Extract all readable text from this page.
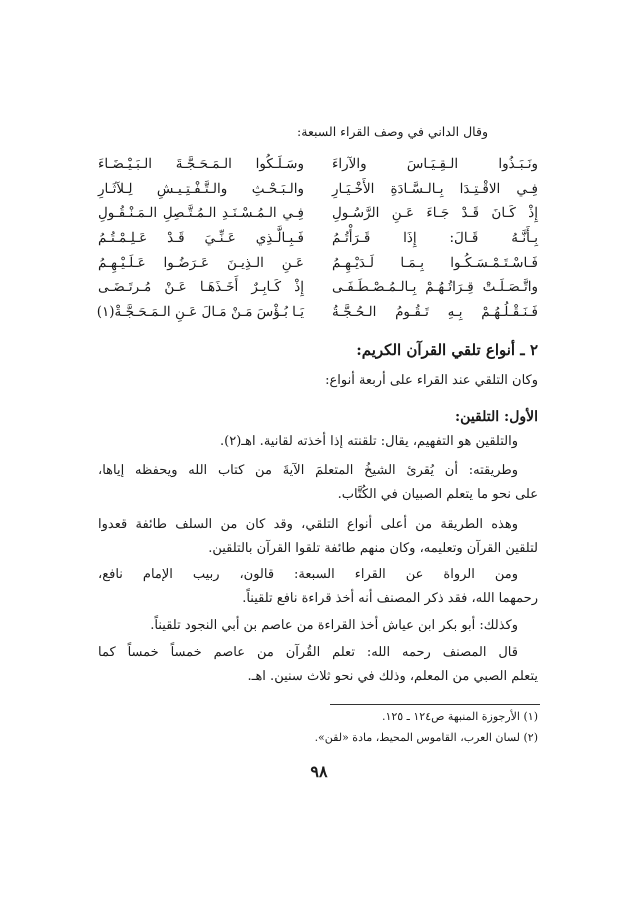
وقال الداني في وصف القراء السبعة:
ونَـبَـذُوا الـقِـيَـاسَ والآراءَ
وسَـلَـكُوا الـمَـحَـجَّـةَ الـبَـيْـضَـاءَ
فِـي الاقْـتِـدَا بِـالـسَّـادَةِ الأَخْـيَـارِ
والـبَـحْـثِ والـتَّـفْـتِـيـشِ لِـلآثَـارِ
إِذْ كَـانَ قَـدْ جَـاءَ عَـنِ الرَّسُـولِ
فِـي الـمُـسْـنَـدِ الـمُـتَّـصِلِ الـمَـنْـقُـولِ
بِـأَنَّـهُ قَـالَ: إِذَا قَـرَأْتُـمُ
فَـبِـالَّـذِي عَـنِّـيَ قَـدْ عَـلِـمْـتُـمُ
فَـاسْـتَـمْـسَـكُـوا بِـمَـا لَـدَيْـهِـمُ
عَـنِ الـذِيـنَ عَـرَضُـوا عَـلَـيْـهِـمُ
واتَّـصَـلَـتْ قِـرَاتُـهُـمْ بِـالـمُـصْـطَـفَـى
إِذْ كَـابِـرٌ أَخَـذَهَـا عَـنْ مُـرتَـضَـى
فَـنَـقْـلُـهُـمْ بِـهِ تَـقُـومُ الـحُـجَّـةُ
يَـا بُـؤْسَ مَـنْ مَـالَ عَـنِ الـمَـحَـجَّـةْ(١)
٢ ـ أنواع تلقي القرآن الكريم:
وكان التلقي عند القراء على أربعة أنواع:
الأول: التلقين:
والتلقين هو التفهيم، يقال: تلقنته إذا أخذته لقانية. اهـ(٢).
وطريقته: أن يُقرئ الشيخُ المتعلمَ الآيةَ من كتاب الله ويحفظه إياها،
على نحو ما يتعلم الصبيان في الكُتَّاب.
وهذه الطريقة من أعلى أنواع التلقي، وقد كان من السلف طائفة قعدوا
لتلقين القرآن وتعليمه، وكان منهم طائفة تلقوا القرآن بالتلقين.
ومن الرواة عن القراء السبعة: قالون، ربيب الإمام نافع،
رحمهما الله، فقد ذكر المصنف أنه أخذ قراءة نافع تلقيناً.
وكذلك: أبو بكر ابن عياش أخذ القراءة من عاصم بن أبي النجود تلقيناً.
قال المصنف رحمه الله: تعلم القُرآن من عاصم خمساً خمساً كما
يتعلم الصبي من المعلم، وذلك في نحو ثلاث سنين. اهـ.
(١) الأرجوزة المنبهة ص١٢٤ ـ ١٢٥.
(٢) لسان العرب، القاموس المحيط، مادة «لقن».
٩٨
